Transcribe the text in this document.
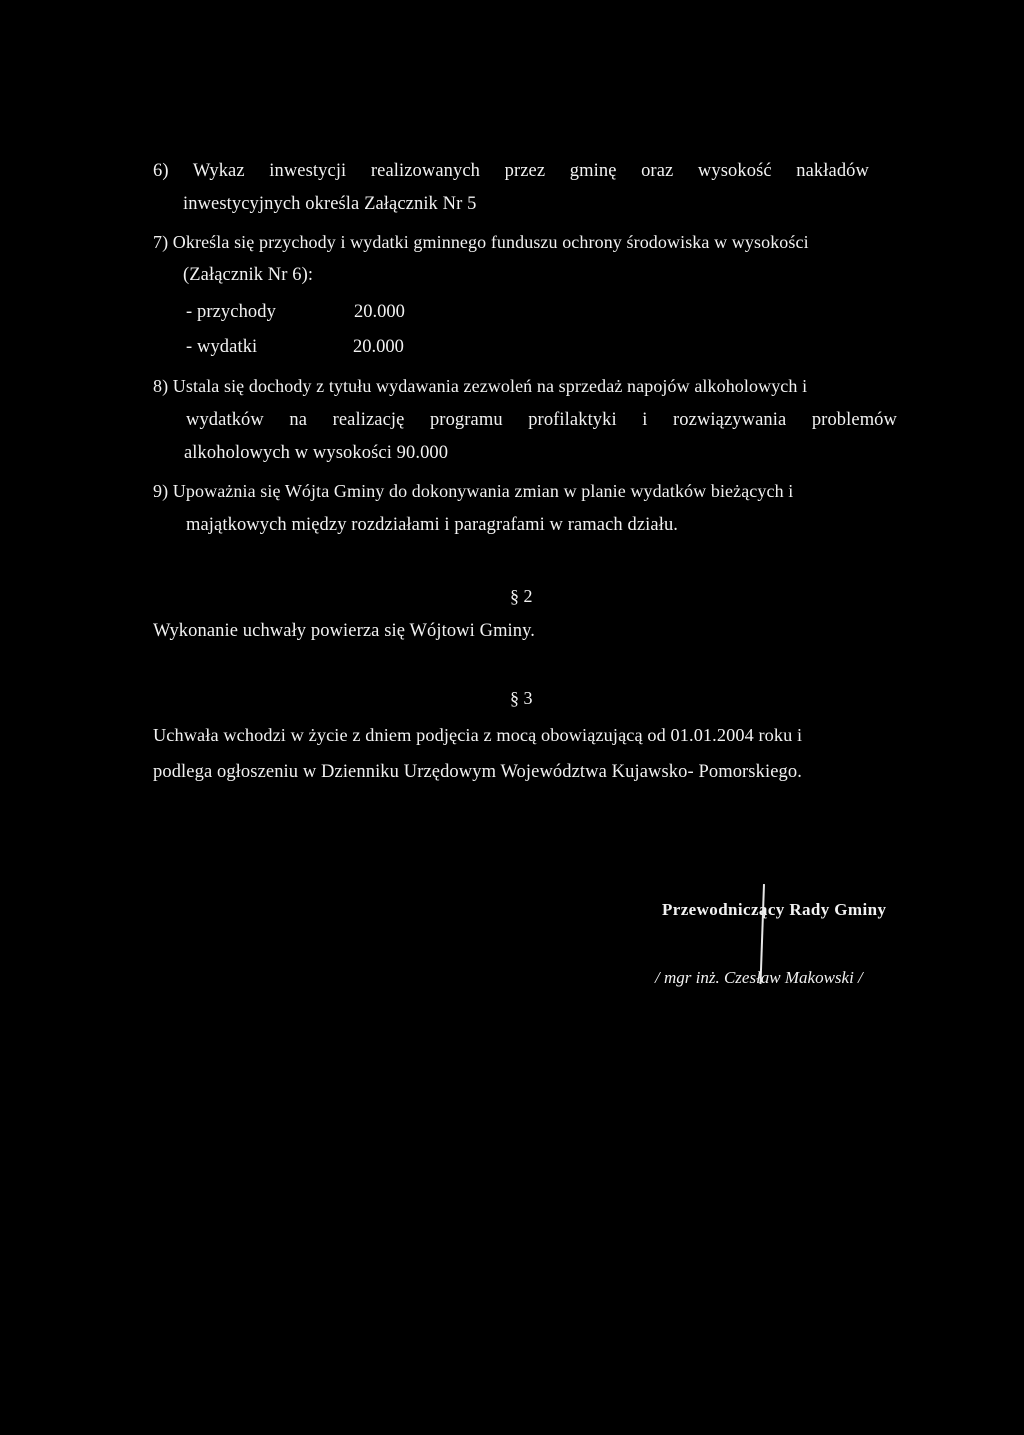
6) Wykaz inwestycji realizowanych przez gminę oraz wysokość nakładów
inwestycyjnych określa Załącznik Nr 5
7) Określa się przychody i wydatki gminnego funduszu ochrony środowiska w wysokości
(Załącznik Nr 6):
- przychody	20.000
- wydatki	20.000
8) Ustala się dochody z tytułu wydawania zezwoleń na sprzedaż napojów alkoholowych i
wydatków na realizację programu profilaktyki i rozwiązywania problemów
alkoholowych w wysokości 90.000
9) Upoważnia się Wójta Gminy do dokonywania zmian w planie wydatków bieżących i
majątkowych między rozdziałami i paragrafami w ramach działu.
§ 2
Wykonanie uchwały powierza się Wójtowi Gminy.
§ 3
Uchwała wchodzi w życie z dniem podjęcia z mocą obowiązującą od 01.01.2004 roku i
podlega ogłoszeniu w Dzienniku Urzędowym Województwa Kujawsko- Pomorskiego.
Przewodniczący Rady Gminy
/ mgr inż. Czesław Makowski /
